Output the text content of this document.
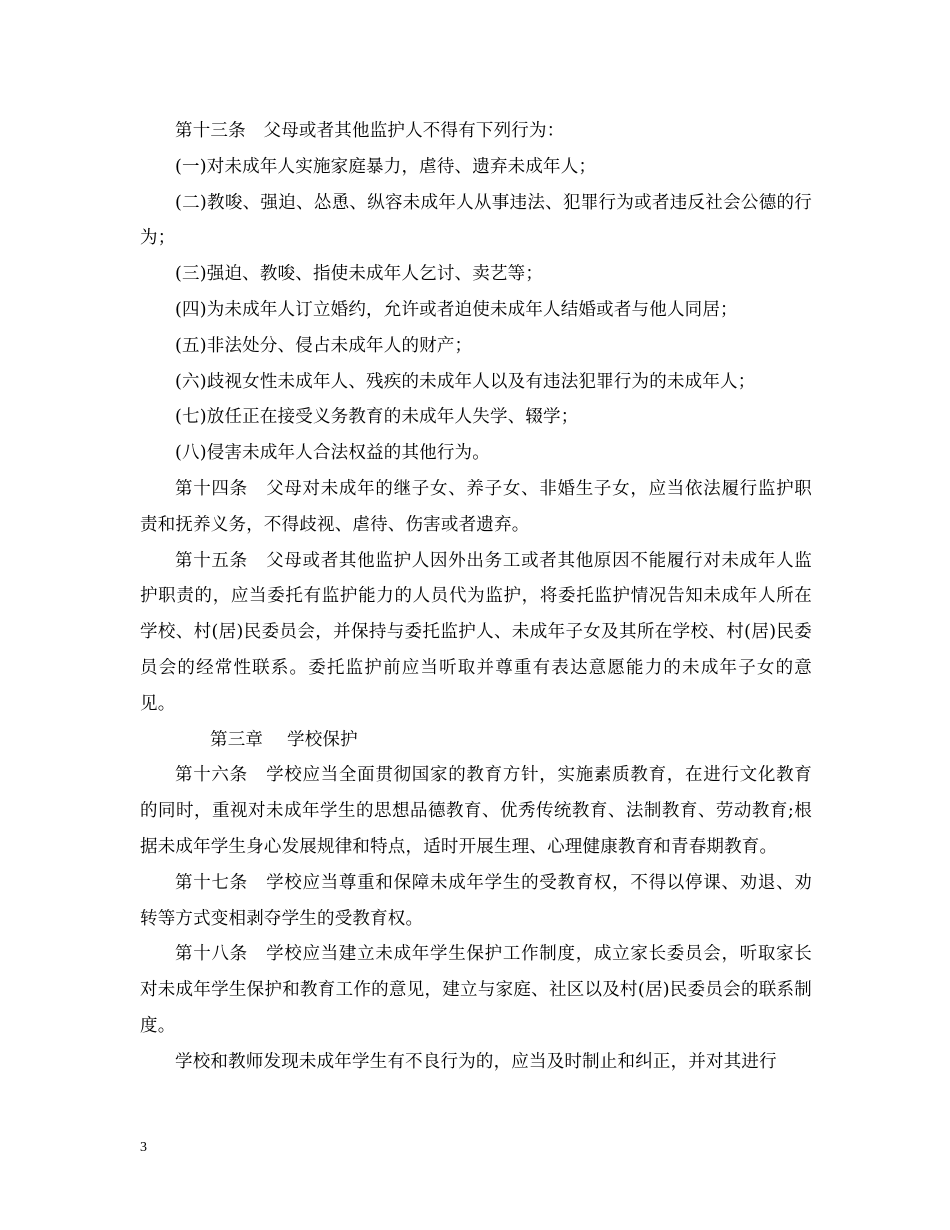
第十三条　父母或者其他监护人不得有下列行为：

(一)对未成年人实施家庭暴力，虐待、遗弃未成年人；

(二)教唆、强迫、怂恿、纵容未成年人从事违法、犯罪行为或者违反社会公德的行为；

(三)强迫、教唆、指使未成年人乞讨、卖艺等；

(四)为未成年人订立婚约，允许或者迫使未成年人结婚或者与他人同居；

(五)非法处分、侵占未成年人的财产；

(六)歧视女性未成年人、残疾的未成年人以及有违法犯罪行为的未成年人；

(七)放任正在接受义务教育的未成年人失学、辍学；

(八)侵害未成年人合法权益的其他行为。

第十四条　父母对未成年的继子女、养子女、非婚生子女，应当依法履行监护职责和抚养义务，不得歧视、虐待、伤害或者遗弃。

第十五条　父母或者其他监护人因外出务工或者其他原因不能履行对未成年人监护职责的，应当委托有监护能力的人员代为监护，将委托监护情况告知未成年人所在学校、村(居)民委员会，并保持与委托监护人、未成年子女及其所在学校、村(居)民委员会的经常性联系。委托监护前应当听取并尊重有表达意愿能力的未成年子女的意见。

第三章 学校保护

第十六条　学校应当全面贯彻国家的教育方针，实施素质教育，在进行文化教育的同时，重视对未成年学生的思想品德教育、优秀传统教育、法制教育、劳动教育;根据未成年学生身心发展规律和特点，适时开展生理、心理健康教育和青春期教育。

第十七条　学校应当尊重和保障未成年学生的受教育权，不得以停课、劝退、劝转等方式变相剥夺学生的受教育权。

第十八条　学校应当建立未成年学生保护工作制度，成立家长委员会，听取家长对未成年学生保护和教育工作的意见，建立与家庭、社区以及村(居)民委员会的联系制度。

学校和教师发现未成年学生有不良行为的，应当及时制止和纠正，并对其进行

3
